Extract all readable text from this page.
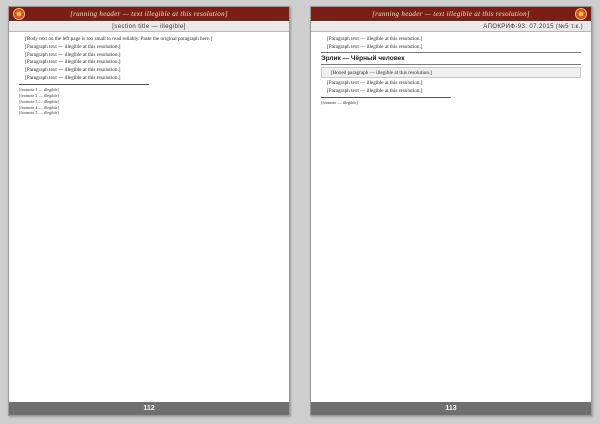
[running header — text illegible at this resolution]
[section title — illegible]

[Body text on the left page is too small to read reliably. Paste the original paragraph here.]

[Paragraph text — illegible at this resolution.]

[Paragraph text — illegible at this resolution.]

[Paragraph text — illegible at this resolution.]

[Paragraph text — illegible at this resolution.]

[Paragraph text — illegible at this resolution.]

[footnote 1 — illegible]

[footnote 2 — illegible]

[footnote 3 — illegible]

[footnote 4 — illegible]

[footnote 5 — illegible]

112
[running header — text illegible at this resolution]
АПОКРИФ-93: 07.2015 (№5 т.к.)

[Paragraph text — illegible at this resolution.]

[Paragraph text — illegible at this resolution.]

Эрлик — Чёрный человек

[Boxed paragraph — illegible at this resolution.]

[Paragraph text — illegible at this resolution.]

[Paragraph text — illegible at this resolution.]

[footnote — illegible]

113
